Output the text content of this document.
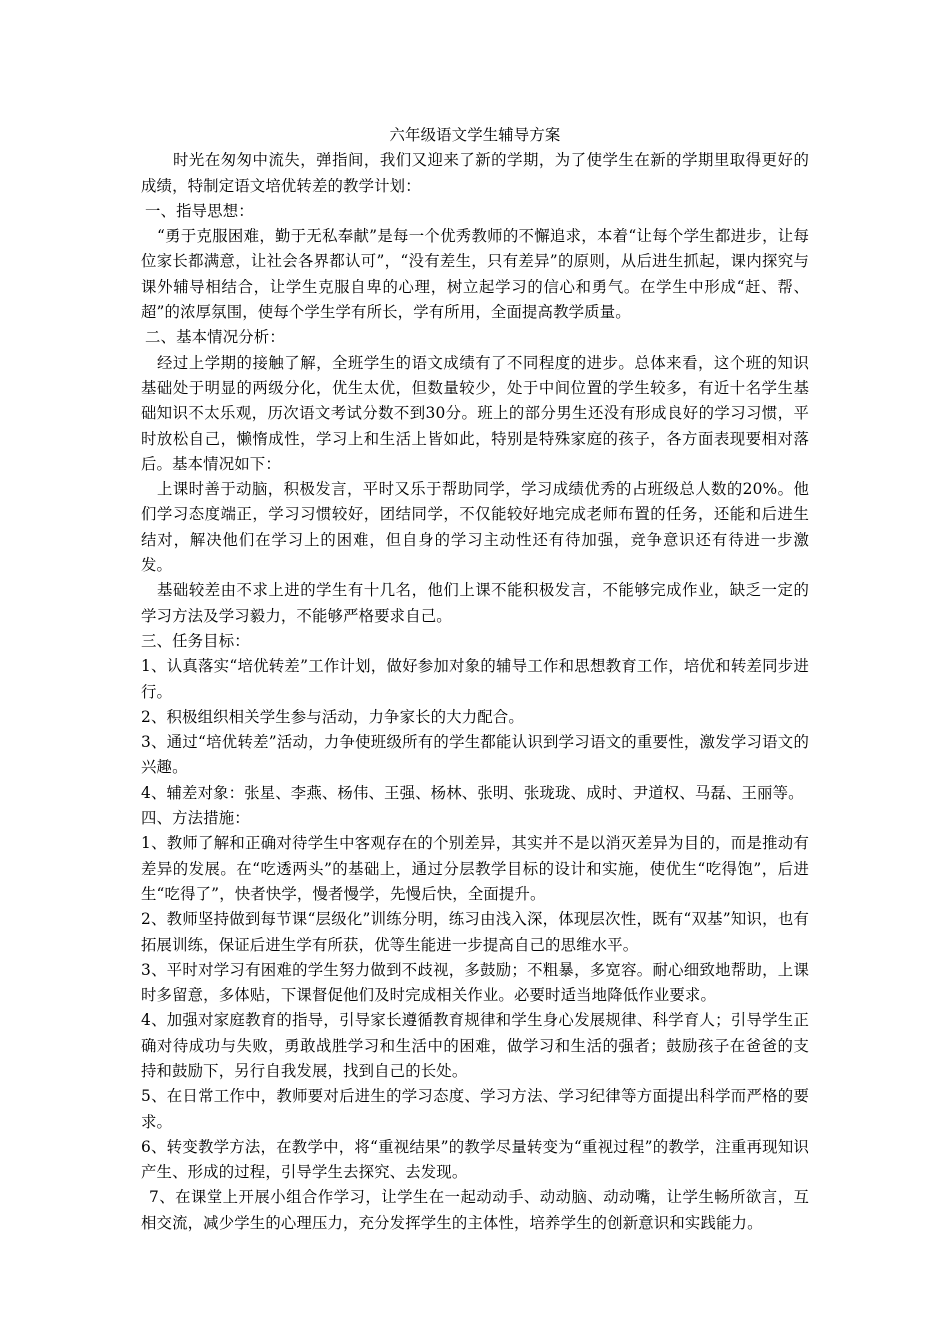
六年级语文学生辅导方案

时光在匆匆中流失，弹指间，我们又迎来了新的学期，为了使学生在新的学期里取得更好的成绩，特制定语文培优转差的教学计划：

一、指导思想：

“勇于克服困难，勤于无私奉献”是每一个优秀教师的不懈追求，本着“让每个学生都进步，让每位家长都满意，让社会各界都认可”，“没有差生，只有差异”的原则，从后进生抓起，课内探究与课外辅导相结合，让学生克服自卑的心理，树立起学习的信心和勇气。在学生中形成“赶、帮、超”的浓厚氛围，使每个学生学有所长，学有所用，全面提高教学质量。

二、基本情况分析：

经过上学期的接触了解，全班学生的语文成绩有了不同程度的进步。总体来看，这个班的知识基础处于明显的两级分化，优生太优，但数量较少，处于中间位置的学生较多，有近十名学生基础知识不太乐观，历次语文考试分数不到30分。班上的部分男生还没有形成良好的学习习惯，平时放松自己，懒惰成性，学习上和生活上皆如此，特别是特殊家庭的孩子，各方面表现要相对落后。基本情况如下：

上课时善于动脑，积极发言，平时又乐于帮助同学，学习成绩优秀的占班级总人数的20%。他们学习态度端正，学习习惯较好，团结同学，不仅能较好地完成老师布置的任务，还能和后进生结对，解决他们在学习上的困难，但自身的学习主动性还有待加强，竞争意识还有待进一步激发。

基础较差由不求上进的学生有十几名，他们上课不能积极发言，不能够完成作业，缺乏一定的学习方法及学习毅力，不能够严格要求自己。

三、任务目标：

1、认真落实“培优转差”工作计划，做好参加对象的辅导工作和思想教育工作，培优和转差同步进行。

2、积极组织相关学生参与活动，力争家长的大力配合。

3、通过“培优转差”活动，力争使班级所有的学生都能认识到学习语文的重要性，激发学习语文的兴趣。

4、辅差对象：张星、李燕、杨伟、王强、杨林、张明、张珑珑、成时、尹道权、马磊、王丽等。

四、方法措施：

1、教师了解和正确对待学生中客观存在的个别差异，其实并不是以消灭差异为目的，而是推动有差异的发展。在“吃透两头”的基础上，通过分层教学目标的设计和实施，使优生“吃得饱”，后进生“吃得了”，快者快学，慢者慢学，先慢后快，全面提升。

2、教师坚持做到每节课“层级化”训练分明，练习由浅入深，体现层次性，既有“双基”知识，也有拓展训练，保证后进生学有所获，优等生能进一步提高自己的思维水平。

3、平时对学习有困难的学生努力做到不歧视，多鼓励；不粗暴，多宽容。耐心细致地帮助，上课时多留意，多体贴，下课督促他们及时完成相关作业。必要时适当地降低作业要求。

4、加强对家庭教育的指导，引导家长遵循教育规律和学生身心发展规律、科学育人；引导学生正确对待成功与失败，勇敢战胜学习和生活中的困难，做学习和生活的强者；鼓励孩子在爸爸的支持和鼓励下，另行自我发展，找到自己的长处。

5、在日常工作中，教师要对后进生的学习态度、学习方法、学习纪律等方面提出科学而严格的要求。

6、转变教学方法，在教学中，将“重视结果”的教学尽量转变为“重视过程”的教学，注重再现知识产生、形成的过程，引导学生去探究、去发现。

7、在课堂上开展小组合作学习，让学生在一起动动手、动动脑、动动嘴，让学生畅所欲言，互相交流，减少学生的心理压力，充分发挥学生的主体性，培养学生的创新意识和实践能力。
